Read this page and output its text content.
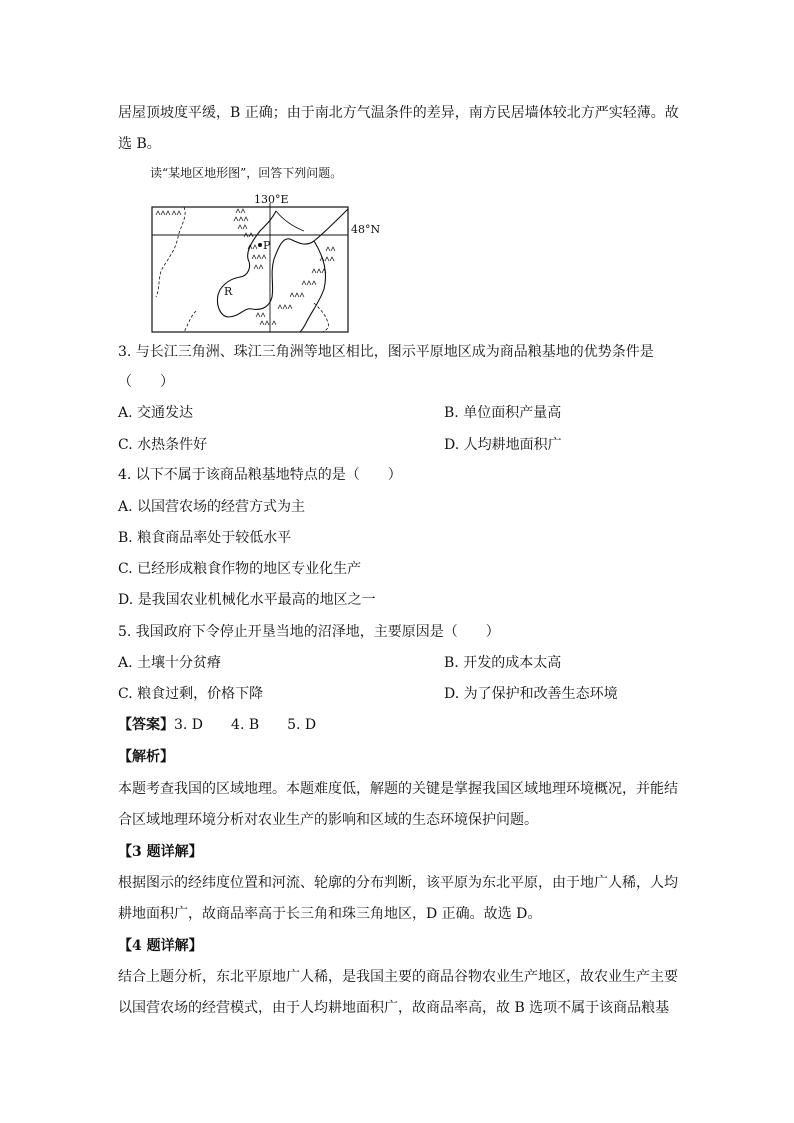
居屋顶坡度平缓，B 正确；由于南北方气温条件的差异，南方民居墙体较北方严实轻薄。故
选 B。
读“某地区地形图”，回答下列问题。
P
R
130°E
48°N
3. 与长江三角洲、珠江三角洲等地区相比，图示平原地区成为商品粮基地的优势条件是
（　　）
A. 交通发达	B. 单位面积产量高
C. 水热条件好	D. 人均耕地面积广
4. 以下不属于该商品粮基地特点的是（　　）
A. 以国营农场的经营方式为主
B. 粮食商品率处于较低水平
C. 已经形成粮食作物的地区专业化生产
D. 是我国农业机械化水平最高的地区之一
5. 我国政府下令停止开垦当地的沼泽地，主要原因是（　　）
A. 土壤十分贫瘠	B. 开发的成本太高
C. 粮食过剩，价格下降	D. 为了保护和改善生态环境
【答案】3. D　　4. B　　5. D
【解析】
本题考查我国的区域地理。本题难度低，解题的关键是掌握我国区域地理环境概况，并能结
合区域地理环境分析对农业生产的影响和区域的生态环境保护问题。
【3 题详解】
根据图示的经纬度位置和河流、轮廓的分布判断，该平原为东北平原，由于地广人稀，人均
耕地面积广，故商品率高于长三角和珠三角地区，D 正确。故选 D。
【4 题详解】
结合上题分析，东北平原地广人稀，是我国主要的商品谷物农业生产地区，故农业生产主要
以国营农场的经营模式，由于人均耕地面积广，故商品率高，故 B 选项不属于该商品粮基
